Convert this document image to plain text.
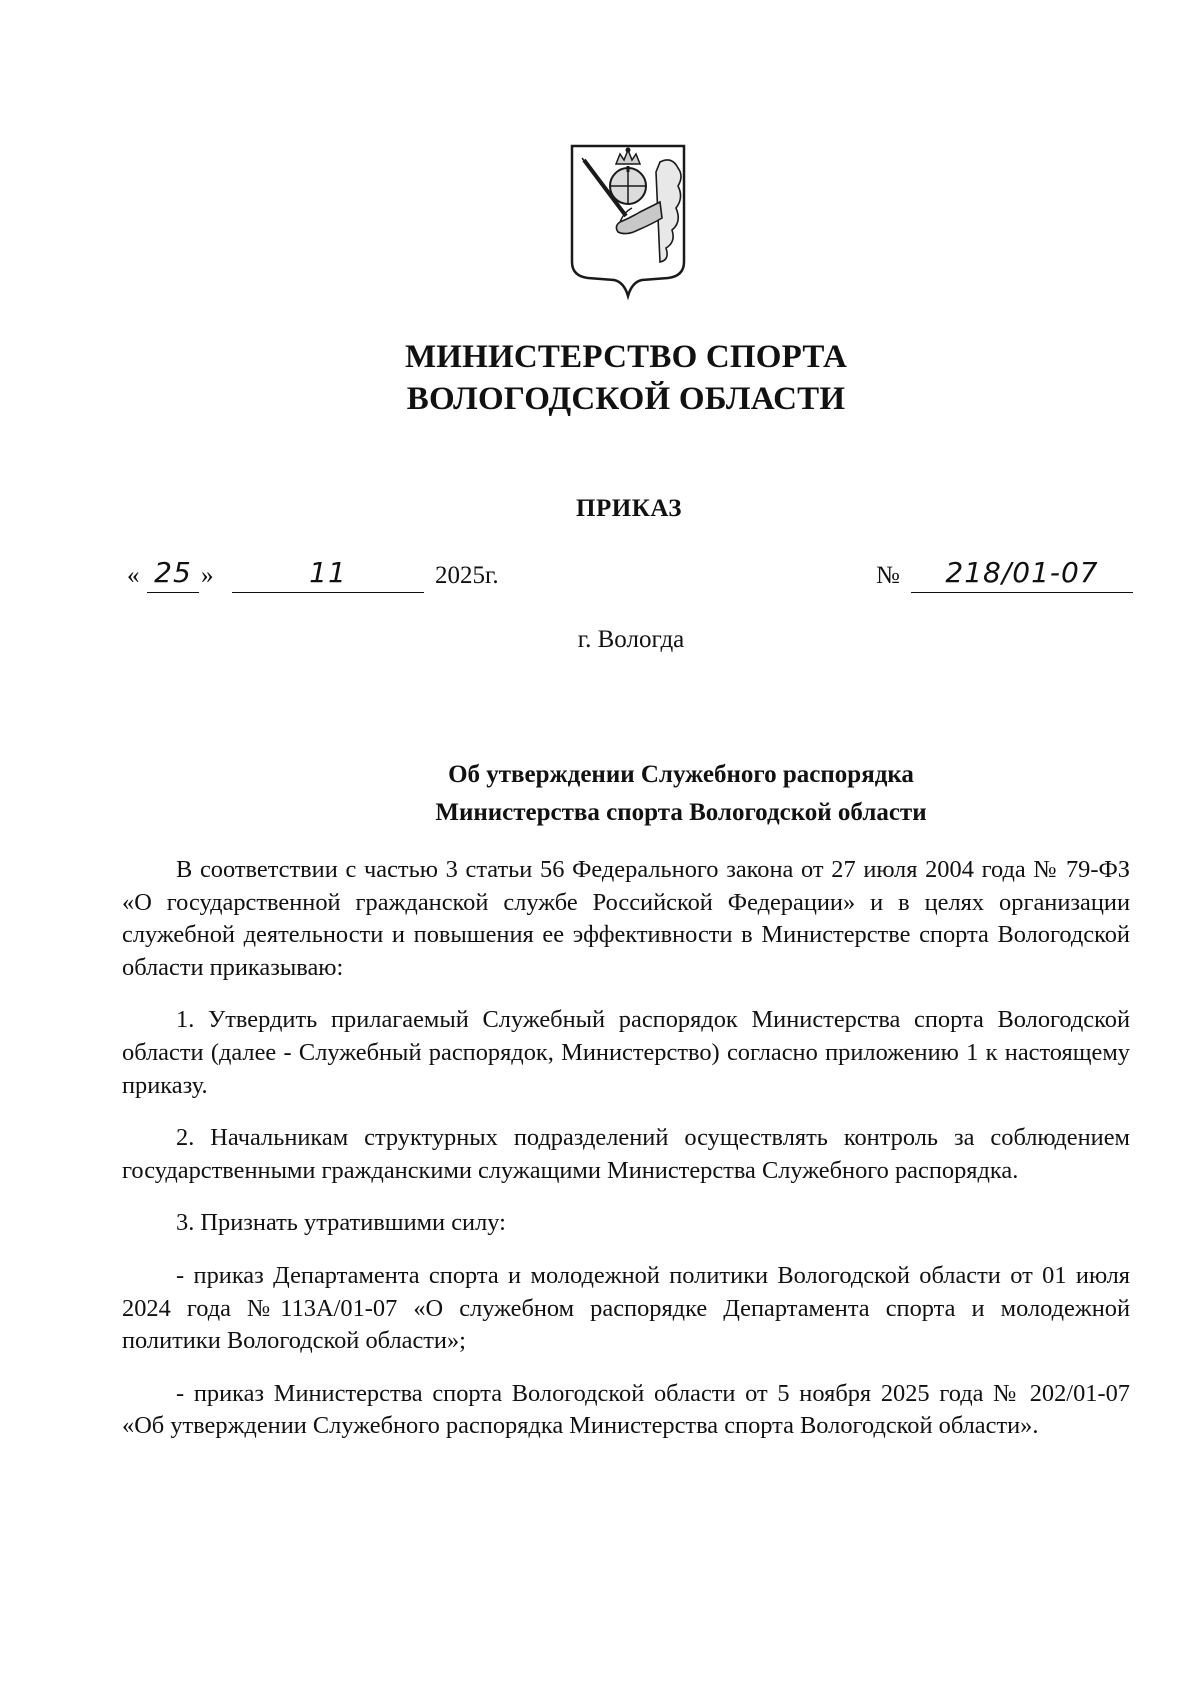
МИНИСТЕРСТВО СПОРТА
ВОЛОГОДСКОЙ ОБЛАСТИ
ПРИКАЗ
« 25 »	11	2025г.	№	218/01-07
г. Вологда
Об утверждении Служебного распорядка
Министерства спорта Вологодской области

В соответствии с частью 3 статьи 56 Федерального закона от 27 июля 2004 года № 79-ФЗ «О государственной гражданской службе Российской Федерации» и в целях организации служебной деятельности и повышения ее эффективности в Министерстве спорта Вологодской области приказываю:

1. Утвердить прилагаемый Служебный распорядок Министерства спорта Вологодской области (далее - Служебный распорядок, Министерство) согласно приложению 1 к настоящему приказу.

2. Начальникам структурных подразделений осуществлять контроль за соблюдением государственными гражданскими служащими Министерства Служебного распорядка.

3. Признать утратившими силу:

- приказ Департамента спорта и молодежной политики Вологодской области от 01 июля 2024 года №113А/01-07 «О служебном распорядке Департамента спорта и молодежной политики Вологодской области»;

- приказ Министерства спорта Вологодской области от 5 ноября 2025 года № 202/01-07 «Об утверждении Служебного распорядка Министерства спорта Вологодской области».
